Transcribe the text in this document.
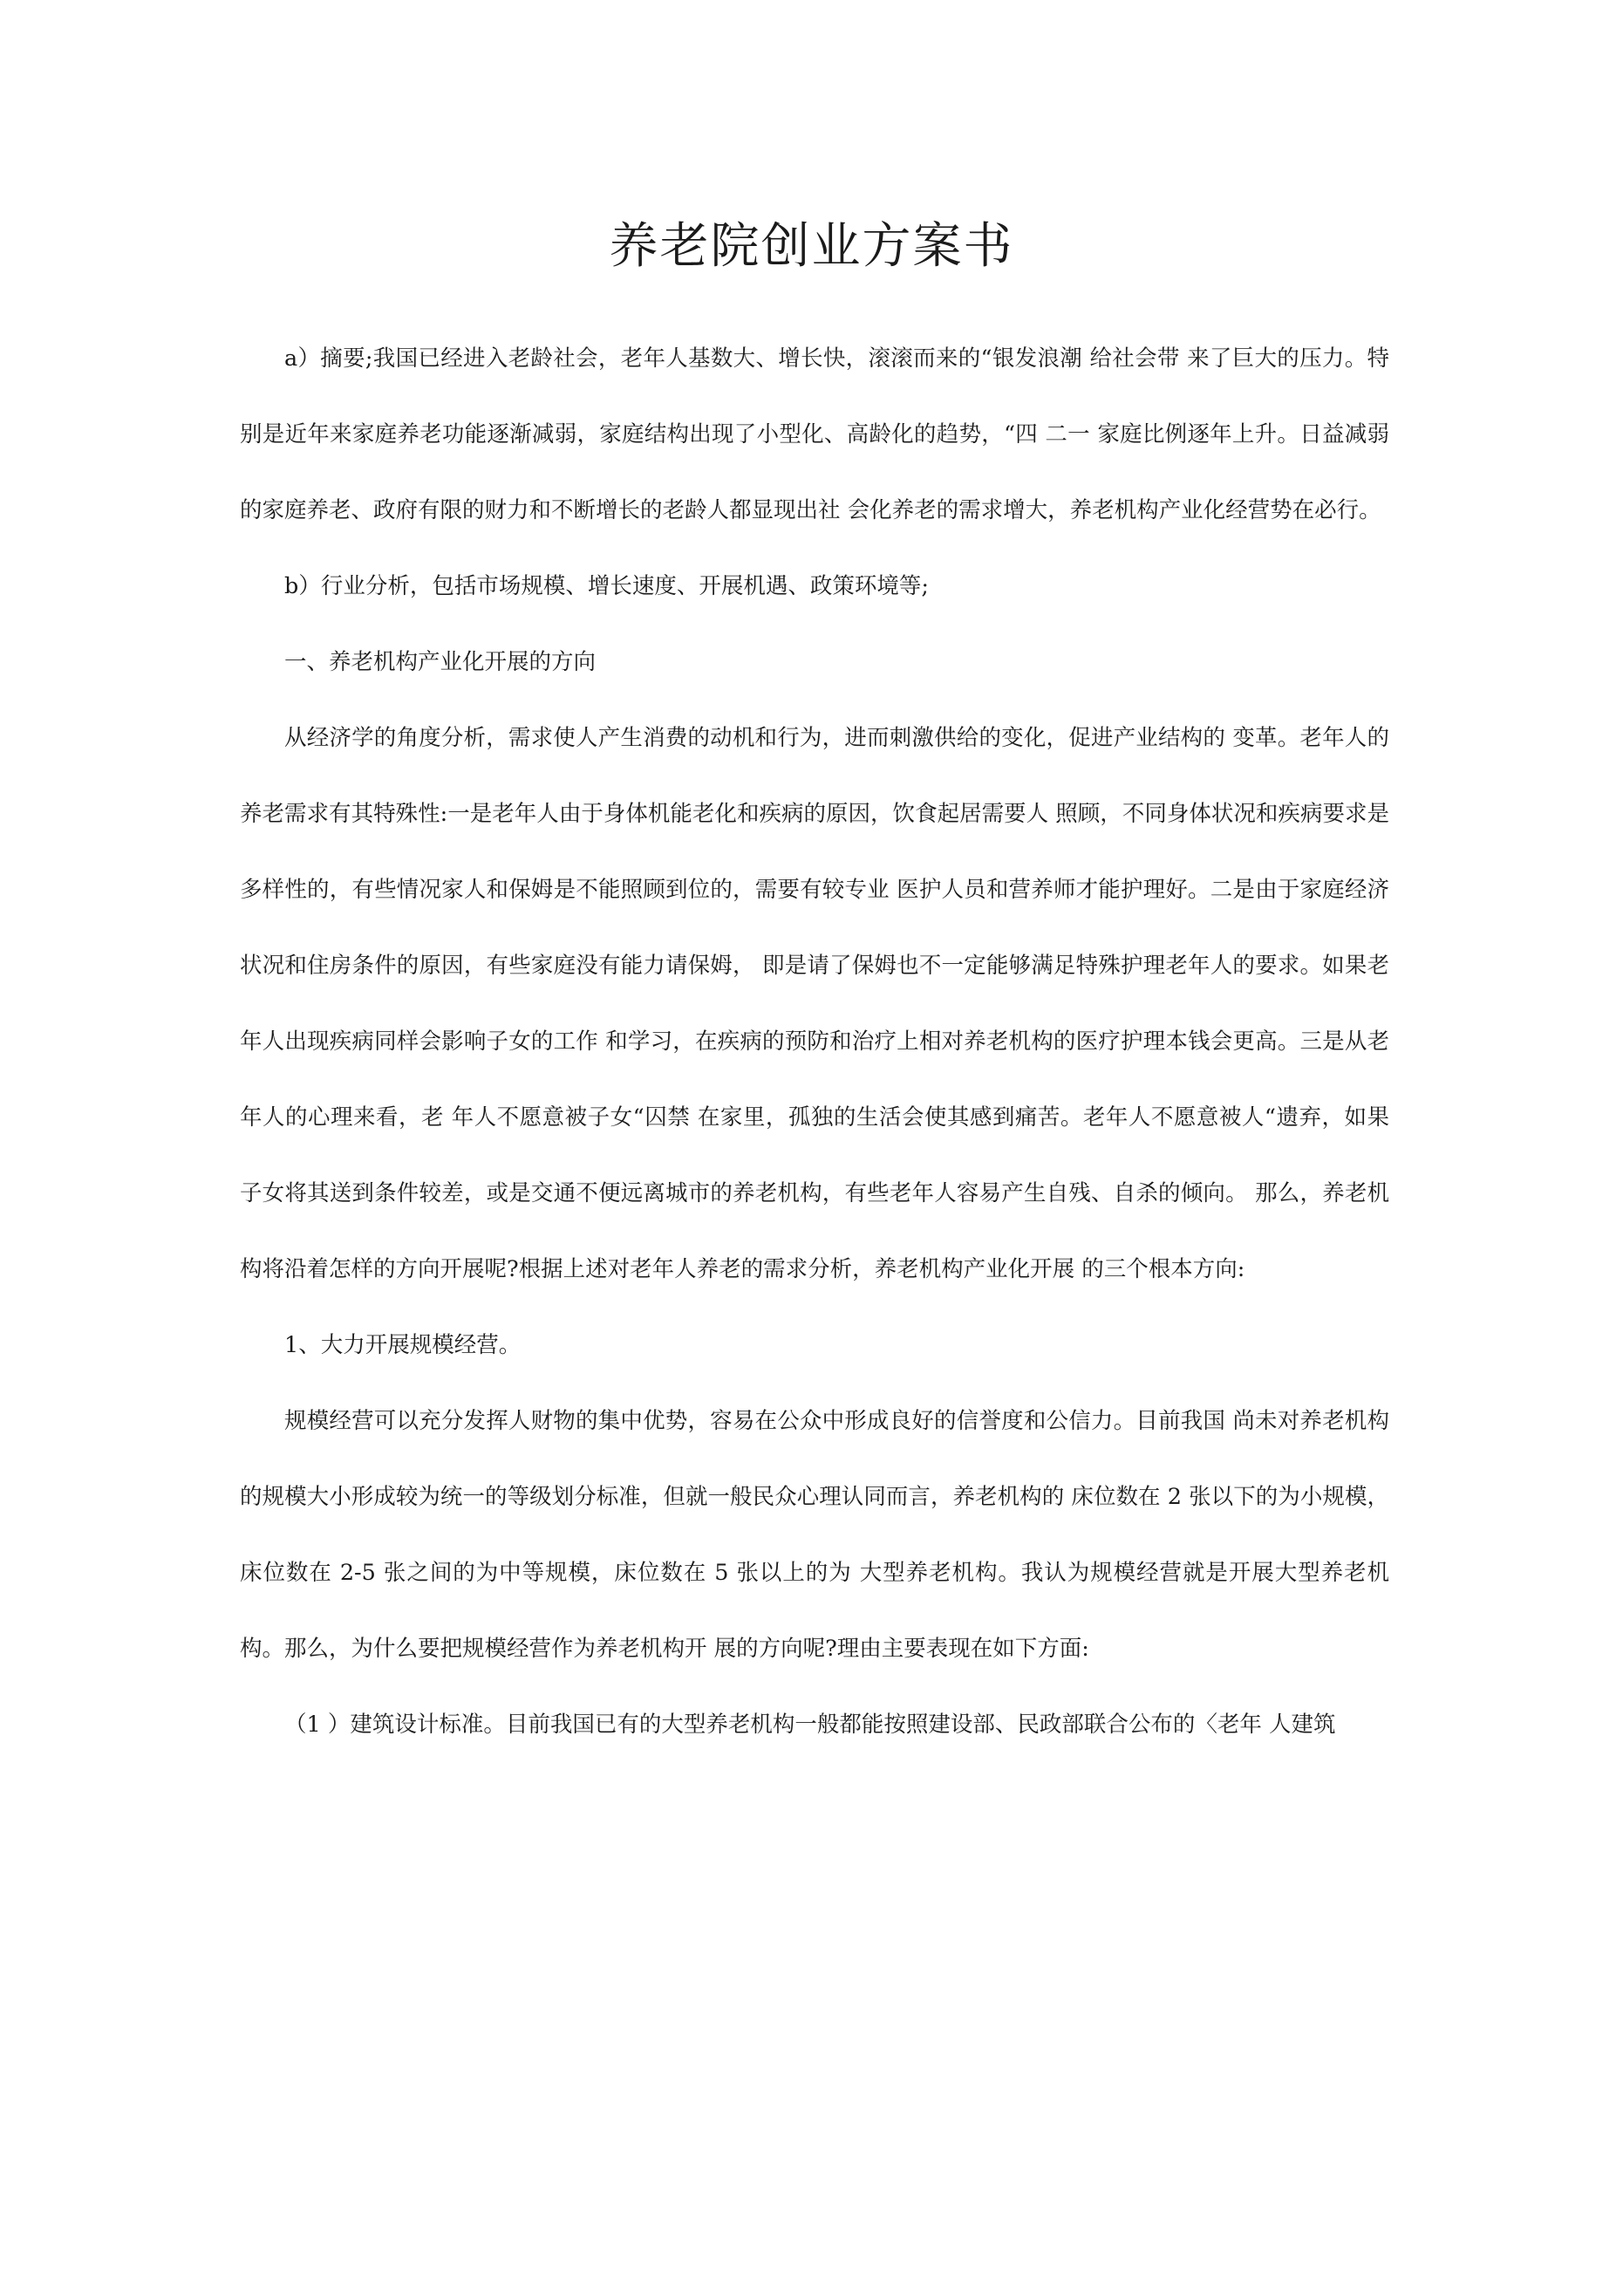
养老院创业方案书

a）摘要;我国已经进入老龄社会，老年人基数大、增长快，滚滚而来的“银发浪潮 给社会带 来了巨大的压力。特别是近年来家庭养老功能逐渐减弱，家庭结构出现了小型化、高龄化的趋势，“四 二一 家庭比例逐年上升。日益减弱的家庭养老、政府有限的财力和不断增长的老龄人都显现出社 会化养老的需求增大，养老机构产业化经营势在必行。

b）行业分析，包括市场规模、增长速度、开展机遇、政策环境等;

一、养老机构产业化开展的方向

从经济学的角度分析，需求使人产生消费的动机和行为，进而刺激供给的变化，促进产业结构的 变革。老年人的养老需求有其特殊性:一是老年人由于身体机能老化和疾病的原因，饮食起居需要人 照顾，不同身体状况和疾病要求是多样性的，有些情况家人和保姆是不能照顾到位的，需要有较专业 医护人员和营养师才能护理好。二是由于家庭经济状况和住房条件的原因，有些家庭没有能力请保姆， 即是请了保姆也不一定能够满足特殊护理老年人的要求。如果老年人出现疾病同样会影响子女的工作 和学习，在疾病的预防和治疗上相对养老机构的医疗护理本钱会更高。三是从老年人的心理来看，老 年人不愿意被子女“囚禁 在家里，孤独的生活会使其感到痛苦。老年人不愿意被人“遗弃，如果 子女将其送到条件较差，或是交通不便远离城市的养老机构，有些老年人容易产生自残、自杀的倾向。 那么，养老机构将沿着怎样的方向开展呢?根据上述对老年人养老的需求分析，养老机构产业化开展 的三个根本方向:

1、大力开展规模经营。

规模经营可以充分发挥人财物的集中优势，容易在公众中形成良好的信誉度和公信力。目前我国 尚未对养老机构的规模大小形成较为统一的等级划分标准，但就一般民众心理认同而言，养老机构的 床位数在 2 张以下的为小规模，床位数在 2-5 张之间的为中等规模，床位数在 5 张以上的为 大型养老机构。我认为规模经营就是开展大型养老机构。那么，为什么要把规模经营作为养老机构开 展的方向呢?理由主要表现在如下方面:

（1 ）建筑设计标准。目前我国已有的大型养老机构一般都能按照建设部、民政部联合公布的〈老年 人建筑
